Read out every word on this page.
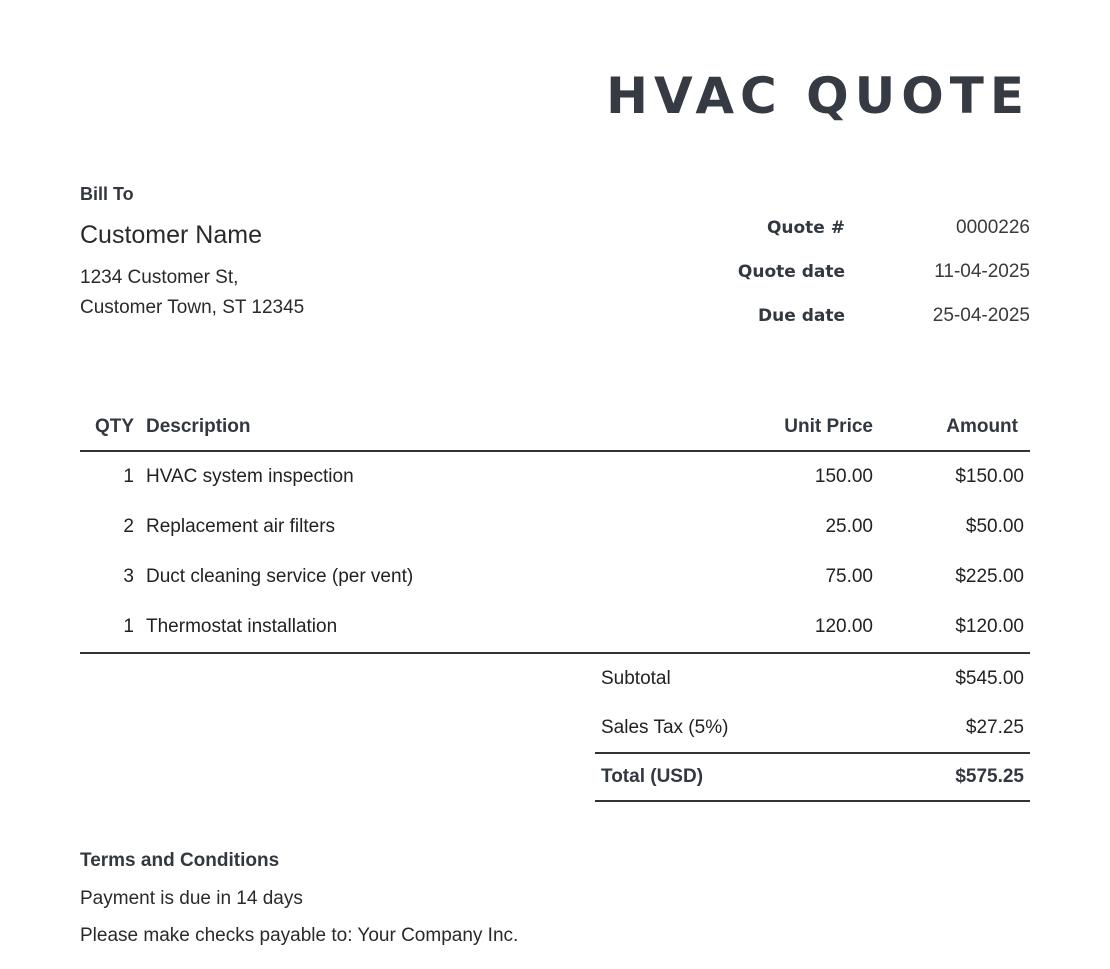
HVAC QUOTE
Bill To
Customer Name
1234 Customer St,
Customer Town, ST 12345
Quote #	0000226
Quote date	11-04-2025
Due date	25-04-2025
QTY	Description	Unit Price	Amount
1	HVAC system inspection	150.00	$150.00
2	Replacement air filters	25.00	$50.00
3	Duct cleaning service (per vent)	75.00	$225.00
1	Thermostat installation	120.00	$120.00
Subtotal	$545.00
Sales Tax (5%)	$27.25
Total (USD)	$575.25
Terms and Conditions
Payment is due in 14 days
Please make checks payable to: Your Company Inc.
